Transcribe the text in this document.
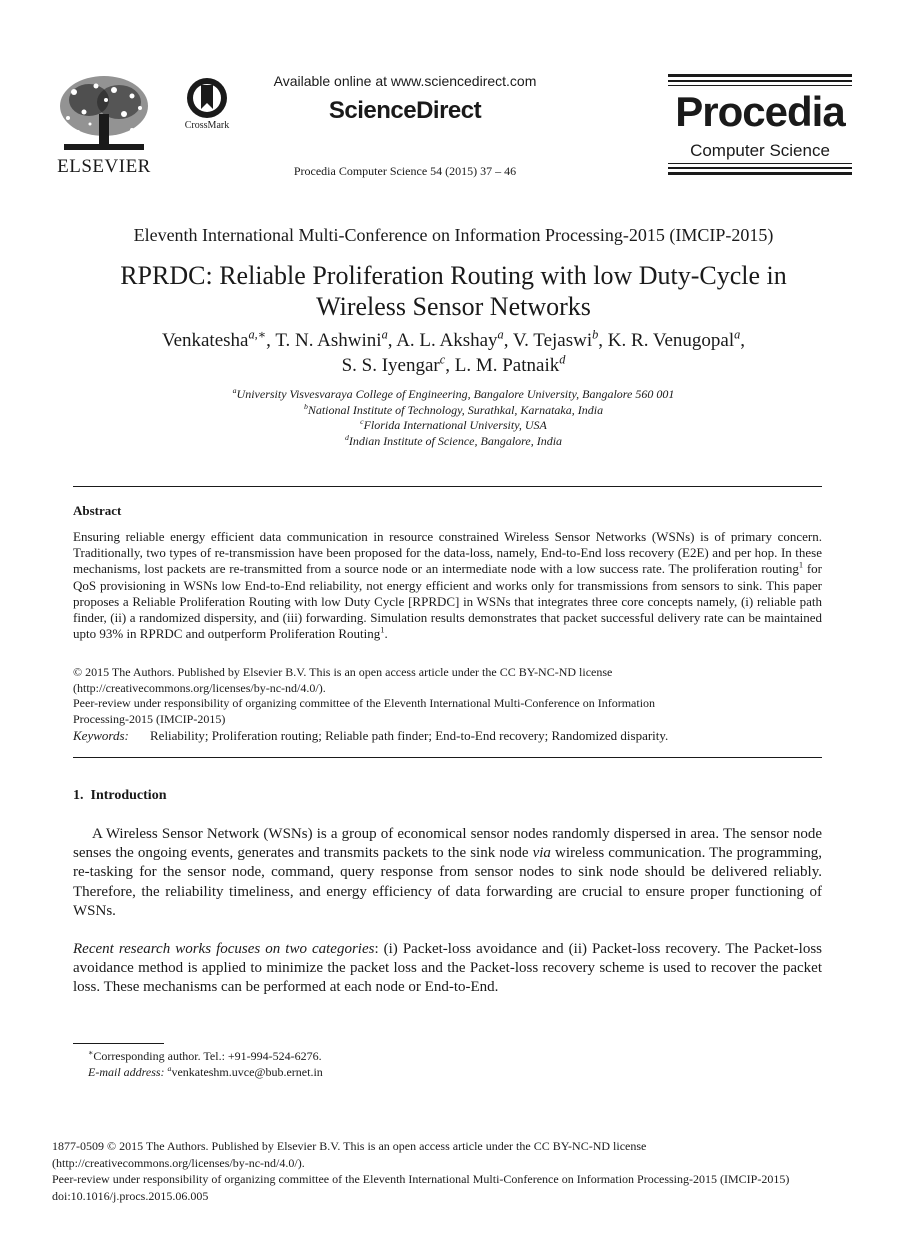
ELSEVIER
CrossMark
Available online at www.sciencedirect.com
ScienceDirect
Procedia Computer Science 54 (2015) 37 – 46
Procedia
Computer Science
Eleventh International Multi-Conference on Information Processing-2015 (IMCIP-2015)
RPRDC: Reliable Proliferation Routing with low Duty-Cycle in
Wireless Sensor Networks
Venkatesha$^{a,∗}$, T. N. Ashwini$^a$, A. L. Akshay$^a$, V. Tejaswi$^b$, K. R. Venugopal$^a$,
S. S. Iyengar$^c$, L. M. Patnaik$^d$
$^a$University Visvesvaraya College of Engineering, Bangalore University, Bangalore 560 001
$^b$National Institute of Technology, Surathkal, Karnataka, India
$^c$Florida International University, USA
$^d$Indian Institute of Science, Bangalore, India
Abstract
Ensuring reliable energy efficient data communication in resource constrained Wireless Sensor Networks (WSNs) is of primary concern. Traditionally, two types of re-transmission have been proposed for the data-loss, namely, End-to-End loss recovery (E2E) and per hop. In these mechanisms, lost packets are re-transmitted from a source node or an intermediate node with a low success rate. The proliferation routing$^1$ for QoS provisioning in WSNs low End-to-End reliability, not energy efficient and works only for transmissions from sensors to sink. This paper proposes a Reliable Proliferation Routing with low Duty Cycle [RPRDC] in WSNs that integrates three core concepts namely, (i) reliable path finder, (ii) a randomized dispersity, and (iii) forwarding. Simulation results demonstrates that packet successful delivery rate can be maintained upto 93% in RPRDC and outperform Proliferation Routing$^1$.
© 2015 The Authors. Published by Elsevier B.V. This is an open access article under the CC BY-NC-ND license
(http://creativecommons.org/licenses/by-nc-nd/4.0/).
Peer-review under responsibility of organizing committee of the Eleventh International Multi-Conference on Information
Processing-2015 (IMCIP-2015)
Keywords: Reliability; Proliferation routing; Reliable path finder; End-to-End recovery; Randomized disparity.
1.  Introduction
A Wireless Sensor Network (WSNs) is a group of economical sensor nodes randomly dispersed in area. The sensor node senses the ongoing events, generates and transmits packets to the sink node via wireless communication. The programming, re-tasking for the sensor node, command, query response from sensor nodes to sink node should be delivered reliably. Therefore, the reliability timeliness, and energy efficiency of data forwarding are crucial to ensure proper functioning of WSNs.
Recent research works focuses on two categories: (i) Packet-loss avoidance and (ii) Packet-loss recovery. The Packet-loss avoidance method is applied to minimize the packet loss and the Packet-loss recovery scheme is used to recover the packet loss. These mechanisms can be performed at each node or End-to-End.
∗Corresponding author. Tel.: +91-994-524-6276.
E-mail address: $^a$venkateshm.uvce@bub.ernet.in
1877-0509 © 2015 The Authors. Published by Elsevier B.V. This is an open access article under the CC BY-NC-ND license
(http://creativecommons.org/licenses/by-nc-nd/4.0/).
Peer-review under responsibility of organizing committee of the Eleventh International Multi-Conference on Information Processing-2015 (IMCIP-2015)
doi:10.1016/j.procs.2015.06.005
